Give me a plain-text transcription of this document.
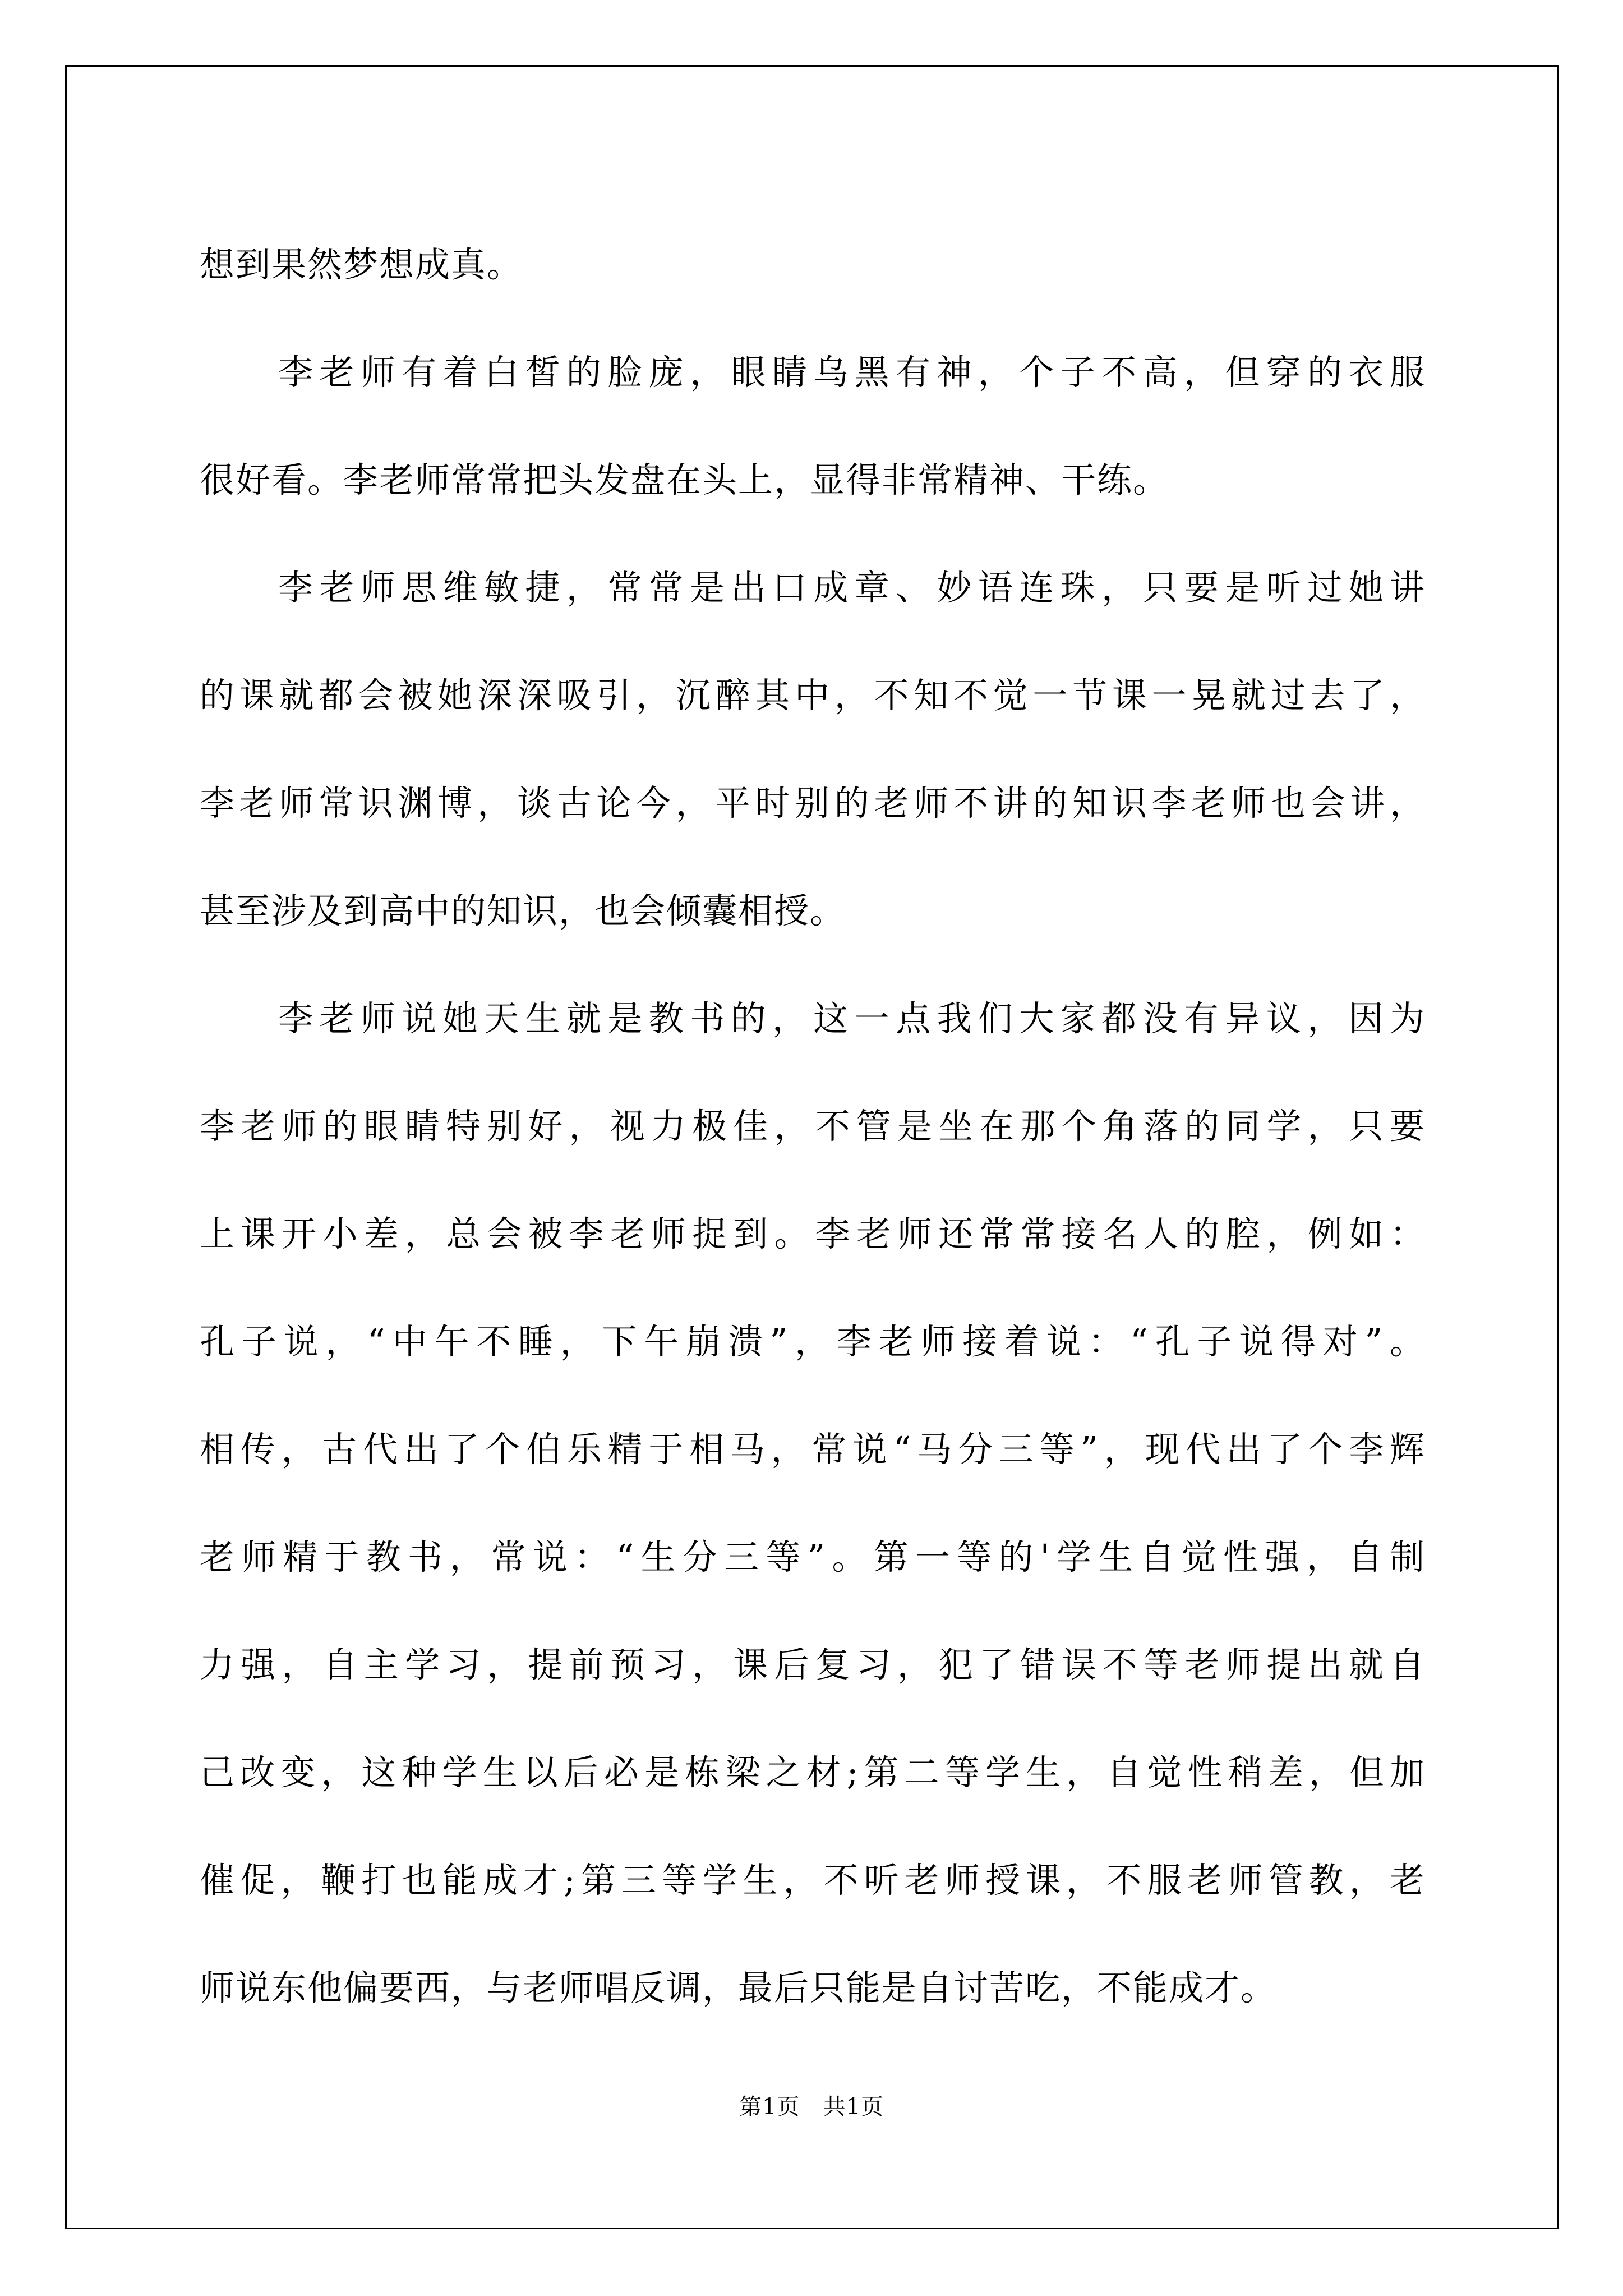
想到果然梦想成真。
李老师有着白皙的脸庞，眼睛乌黑有神，个子不高，但穿的衣服
很好看。李老师常常把头发盘在头上，显得非常精神、干练。
李老师思维敏捷，常常是出口成章、妙语连珠，只要是听过她讲
的课就都会被她深深吸引，沉醉其中，不知不觉一节课一晃就过去了，
李老师常识渊博，谈古论今，平时别的老师不讲的知识李老师也会讲，
甚至涉及到高中的知识，也会倾囊相授。
李老师说她天生就是教书的，这一点我们大家都没有异议，因为
李老师的眼睛特别好，视力极佳，不管是坐在那个角落的同学，只要
上课开小差，总会被李老师捉到。李老师还常常接名人的腔，例如：
孔子说，“中午不睡，下午崩溃”，李老师接着说：“孔子说得对”。
相传，古代出了个伯乐精于相马，常说“马分三等”，现代出了个李辉
老师精于教书，常说：“生分三等”。第一等的'学生自觉性强，自制
力强，自主学习，提前预习，课后复习，犯了错误不等老师提出就自
己改变，这种学生以后必是栋梁之材;第二等学生，自觉性稍差，但加
催促，鞭打也能成才;第三等学生，不听老师授课，不服老师管教，老
师说东他偏要西，与老师唱反调，最后只能是自讨苦吃，不能成才。
第1页　共1页
